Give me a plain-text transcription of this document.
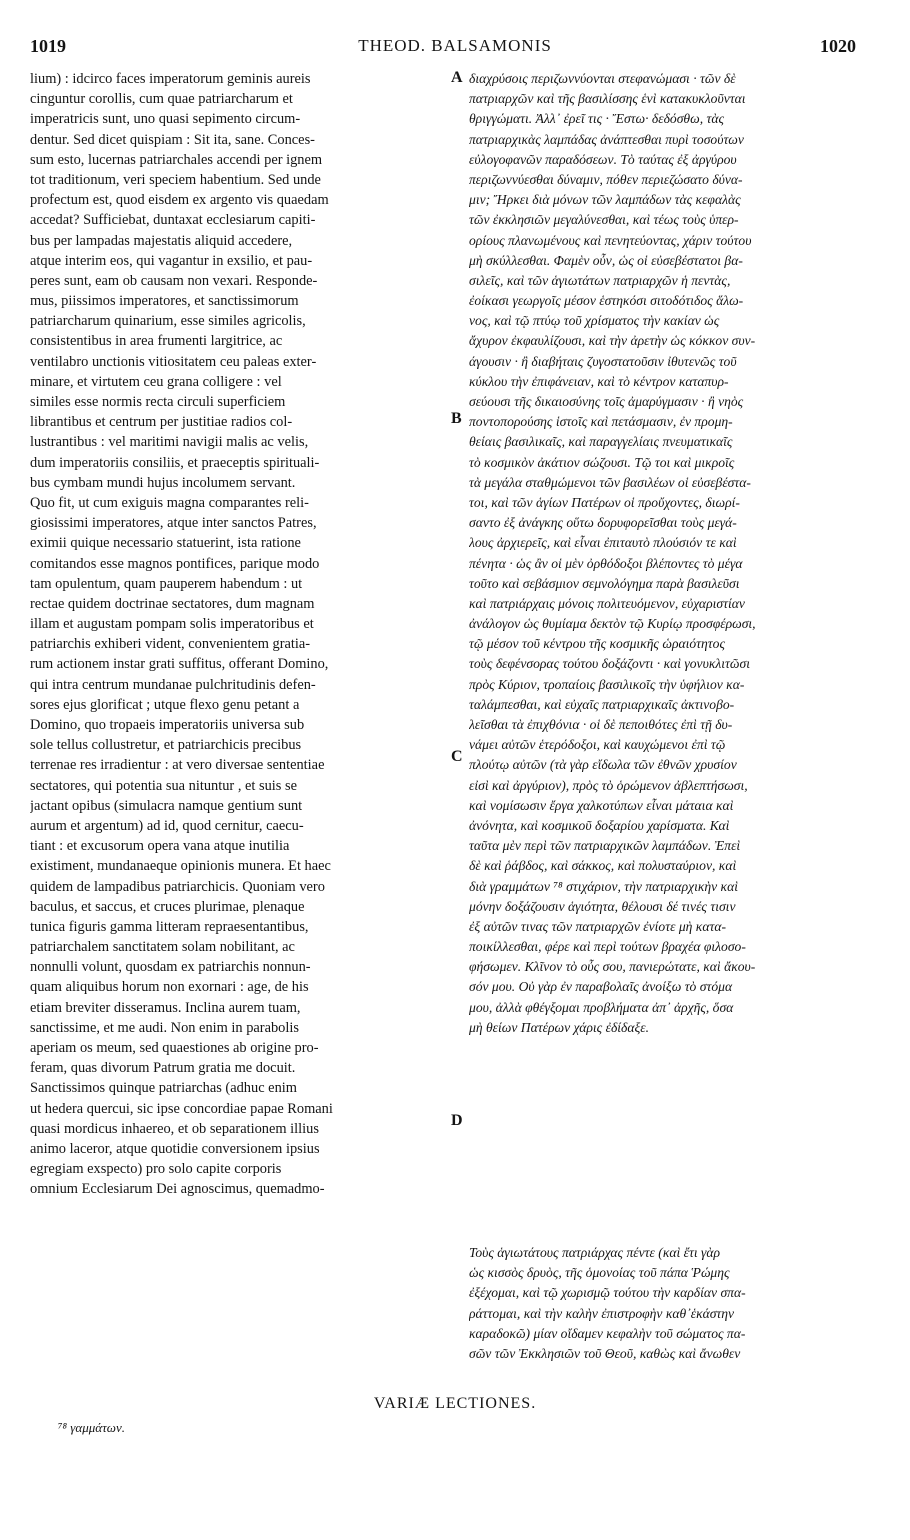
1019	THEOD. BALSAMONIS	1020
lium) : idcirco faces imperatorum geminis aureis
cinguntur corollis, cum quae patriarcharum et
imperatricis sunt, uno quasi sepimento circum-
dentur. Sed dicet quispiam : Sit ita, sane. Conces-
sum esto, lucernas patriarchales accendi per ignem
tot traditionum, veri speciem habentium. Sed unde
profectum est, quod eisdem ex argento vis quaedam
accedat? Sufficiebat, duntaxat ecclesiarum capiti-
bus per lampadas majestatis aliquid accedere,
atque interim eos, qui vagantur in exsilio, et pau-
peres sunt, eam ob causam non vexari. Responde-
mus, piissimos imperatores, et sanctissimorum
patriarcharum quinarium, esse similes agricolis,
consistentibus in area frumenti largitrice, ac
ventilabro unctionis vitiositatem ceu paleas exter-
minare, et virtutem ceu grana colligere : vel
similes esse normis recta circuli superficiem
librantibus et centrum per justitiae radios col-
lustrantibus : vel maritimi navigii malis ac velis,
dum imperatoriis consiliis, et praeceptis spirituali-
bus cymbam mundi hujus incolumem servant.
Quo fit, ut cum exiguis magna comparantes reli-
giosissimi imperatores, atque inter sanctos Patres,
eximii quique necessario statuerint, ista ratione
comitandos esse magnos pontifices, parique modo
tam opulentum, quam pauperem habendum : ut
rectae quidem doctrinae sectatores, dum magnam
illam et augustam pompam solis imperatoribus et
patriarchis exhiberi vident, convenientem gratia-
rum actionem instar grati suffitus, offerant Domino,
qui intra centrum mundanae pulchritudinis defen-
sores ejus glorificat ; utque flexo genu petant a
Domino, quo tropaeis imperatoriis universa sub
sole tellus collustretur, et patriarchicis precibus
terrenae res irradientur : at vero diversae sententiae
sectatores, qui potentia sua nituntur , et suis se
jactant opibus (simulacra namque gentium sunt
aurum et argentum) ad id, quod cernitur, caecu-
tiant : et excusorum opera vana atque inutilia
existiment, mundanaeque opinionis munera. Et haec
quidem de lampadibus patriarchicis. Quoniam vero
baculus, et saccus, et cruces plurimae, plenaque
tunica figuris gamma litteram repraesentantibus,
patriarchalem sanctitatem solam nobilitant, ac
nonnulli volunt, quosdam ex patriarchis nonnun-
quam aliquibus horum non exornari : age, de his
etiam breviter disseramus. Inclina aurem tuam,
sanctissime, et me audi. Non enim in parabolis
aperiam os meum, sed quaestiones ab origine pro-
feram, quas divorum Patrum gratia me docuit.
Sanctissimos quinque patriarchas (adhuc enim
ut hedera quercui, sic ipse concordiae papae Romani
quasi mordicus inhaereo, et ob separationem illius
animo laceror, atque quotidie conversionem ipsius
egregiam exspecto) pro solo capite corporis
omnium Ecclesiarum Dei agnoscimus, quemadmo-
διαχρύσοις περιζωννύονται στεφανώμασι · τῶν δὲ
πατριαρχῶν καὶ τῆς βασιλίσσης ἑνὶ κατακυκλοῦνται
θριγγώματι. Ἀλλ᾽ ἐρεῖ τις · Ἔστω· δεδόσθω, τὰς
πατριαρχικὰς λαμπάδας ἀνάπτεσθαι πυρὶ τοσούτων
εὐλογοφανῶν παραδόσεων. Τὸ ταύτας ἐξ ἀργύρου
περιζωννύεσθαι δύναμιν, πόθεν περιεζώσατο δύνα-
μιν; Ἤρκει διὰ μόνων τῶν λαμπάδων τὰς κεφαλὰς
τῶν ἐκκλησιῶν μεγαλύνεσθαι, καὶ τέως τοὺς ὑπερ-
ορίους πλανωμένους καὶ πενητεύοντας, χάριν τούτου
μὴ σκύλλεσθαι. Φαμὲν οὖν, ὡς οἱ εὐσεβέστατοι βα-
σιλεῖς, καὶ τῶν ἁγιωτάτων πατριαρχῶν ἡ πεντὰς,
ἐοίκασι γεωργοῖς μέσον ἑστηκόσι σιτοδότιδος ἅλω-
νος, καὶ τῷ πτύῳ τοῦ χρίσματος τὴν κακίαν ὡς
ἄχυρον ἐκφαυλίζουσι, καὶ τὴν ἀρετὴν ὡς κόκκον συν-
άγουσιν · ἢ διαβήταις ζυγοστατοῦσιν ἰθυτενῶς τοῦ
κύκλου τὴν ἐπιφάνειαν, καὶ τὸ κέντρον καταπυρ-
σεύουσι τῆς δικαιοσύνης τοῖς ἀμαρύγμασιν · ἢ νηὸς
ποντοπορούσης ἱστοῖς καὶ πετάσμασιν, ἐν προμη-
θείαις βασιλικαῖς, καὶ παραγγελίαις πνευματικαῖς
τὸ κοσμικὸν ἀκάτιον σώζουσι. Τῷ τοι καὶ μικροῖς
τὰ μεγάλα σταθμώμενοι τῶν βασιλέων οἱ εὐσεβέστα-
τοι, καὶ τῶν ἁγίων Πατέρων οἱ προὔχοντες, διωρί-
σαντο ἐξ ἀνάγκης οὕτω δορυφορεῖσθαι τοὺς μεγά-
λους ἀρχιερεῖς, καὶ εἶναι ἐπιταυτὸ πλούσιόν τε καὶ
πένητα · ὡς ἂν οἱ μὲν ὀρθόδοξοι βλέποντες τὸ μέγα
τοῦτο καὶ σεβάσμιον σεμνολόγημα παρὰ βασιλεῦσι
καὶ πατριάρχαις μόνοις πολιτευόμενον, εὐχαριστίαν
ἀνάλογον ὡς θυμίαμα δεκτὸν τῷ Κυρίῳ προσφέρωσι,
τῷ μέσον τοῦ κέντρου τῆς κοσμικῆς ὡραιότητος
τοὺς δεφένσορας τούτου δοξάζοντι · καὶ γονυκλιτῶσι
πρὸς Κύριον, τροπαίοις βασιλικοῖς τὴν ὑφήλιον κα-
ταλάμπεσθαι, καὶ εὐχαῖς πατριαρχικαῖς ἀκτινοβο-
λεῖσθαι τὰ ἐπιχθόνια · οἱ δὲ πεποιθότες ἐπὶ τῇ δυ-
νάμει αὐτῶν ἑτερόδοξοι, καὶ καυχώμενοι ἐπὶ τῷ
πλούτῳ αὐτῶν (τὰ γὰρ εἴδωλα τῶν ἐθνῶν χρυσίον
εἰσὶ καὶ ἀργύριον), πρὸς τὸ ὁρώμενον ἀβλεπτήσωσι,
καὶ νομίσωσιν ἔργα χαλκοτύπων εἶναι μάταια καὶ
ἀνόνητα, καὶ κοσμικοῦ δοξαρίου χαρίσματα. Καὶ
ταῦτα μὲν περὶ τῶν πατριαρχικῶν λαμπάδων. Ἐπεὶ
δὲ καὶ ῥάβδος, καὶ σάκκος, καὶ πολυσταύριον, καὶ
διὰ γραμμάτων ⁷⁸ στιχάριον, τὴν πατριαρχικὴν καὶ
μόνην δοξάζουσιν ἁγιότητα, θέλουσι δέ τινές τισιν
ἐξ αὐτῶν τινας τῶν πατριαρχῶν ἐνίοτε μὴ κατα-
ποικίλλεσθαι, φέρε καὶ περὶ τούτων βραχέα φιλοσο-
φήσωμεν. Κλῖνον τὸ οὖς σου, πανιερώτατε, καὶ ἄκου-
σόν μου. Οὐ γὰρ ἐν παραβολαῖς ἀνοίξω τὸ στόμα
μου, ἀλλὰ φθέγξομαι προβλήματα ἀπ᾽ ἀρχῆς, ὅσα
μὴ θείων Πατέρων χάρις ἐδίδαξε.
A
B
C
D
Τοὺς ἁγιωτάτους πατριάρχας πέντε (καὶ ἔτι γὰρ
ὡς κισσὸς δρυὸς, τῆς ὁμονοίας τοῦ πάπα Ῥώμης
ἐξέχομαι, καὶ τῷ χωρισμῷ τούτου τὴν καρδίαν σπα-
ράττομαι, καὶ τὴν καλὴν ἐπιστροφὴν καθ᾽ἑκάστην
καραδοκῶ) μίαν οἴδαμεν κεφαλὴν τοῦ σώματος πα-
σῶν τῶν Ἐκκλησιῶν τοῦ Θεοῦ, καθὼς καὶ ἄνωθεν
VARIÆ LECTIONES.
⁷⁸ γαμμάτων.
